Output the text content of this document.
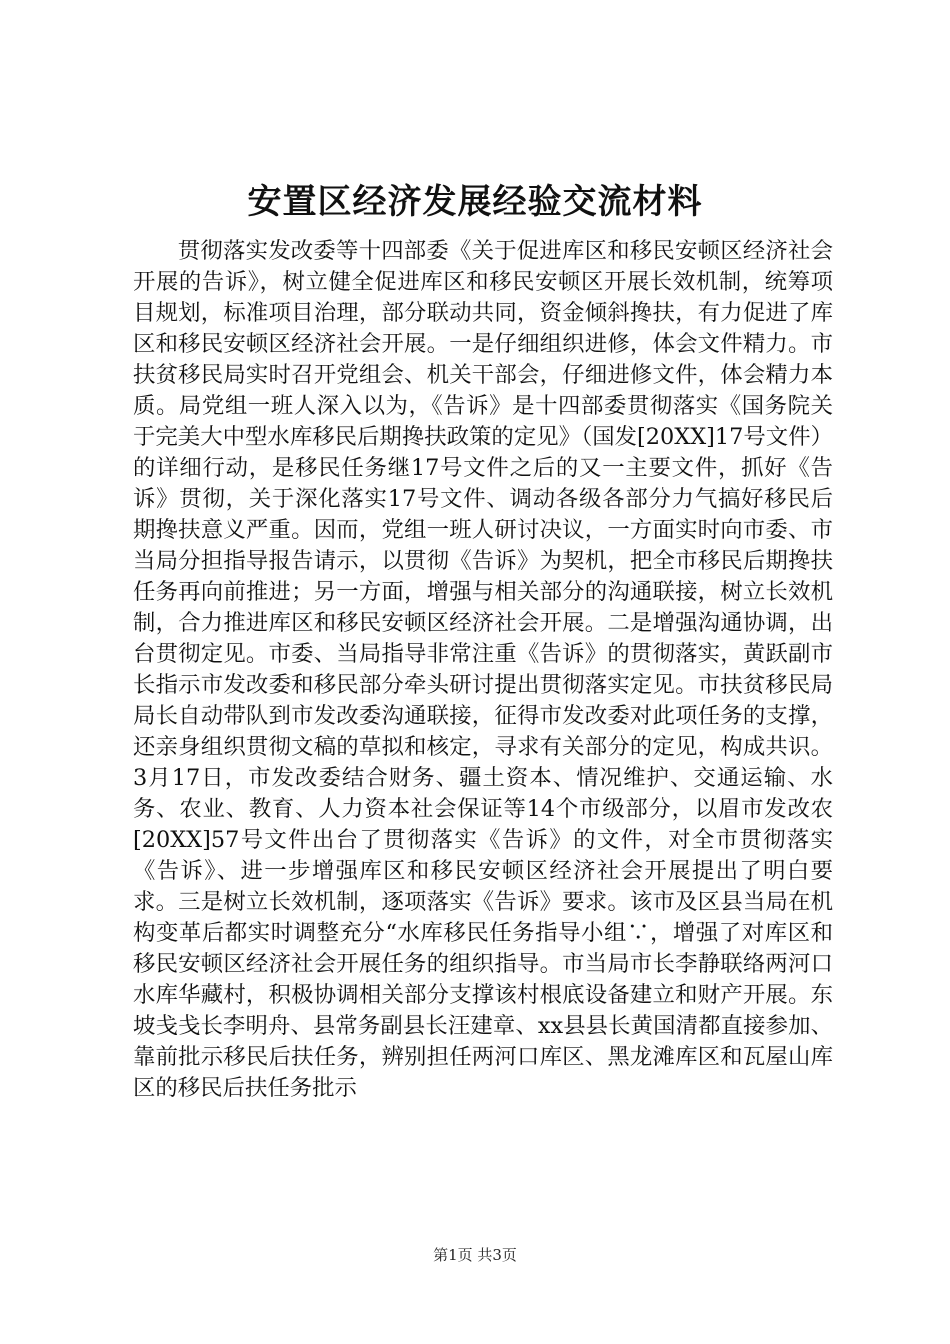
安置区经济发展经验交流材料

贯彻落实发改委等十四部委《关于促进库区和移民安顿区经济社会开展的告诉》，树立健全促进库区和移民安顿区开展长效机制，统筹项目规划，标准项目治理，部分联动共同，资金倾斜搀扶，有力促进了库区和移民安顿区经济社会开展。一是仔细组织进修，体会文件精力。市扶贫移民局实时召开党组会、机关干部会，仔细进修文件，体会精力本质。局党组一班人深入以为，《告诉》是十四部委贯彻落实《国务院关于完美大中型水库移民后期搀扶政策的定见》（国发[20XX]17号文件）的详细行动，是移民任务继17号文件之后的又一主要文件，抓好《告诉》贯彻，关于深化落实17号文件、调动各级各部分力气搞好移民后期搀扶意义严重。因而，党组一班人研讨决议，一方面实时向市委、市当局分担指导报告请示，以贯彻《告诉》为契机，把全市移民后期搀扶任务再向前推进；另一方面，增强与相关部分的沟通联接，树立长效机制，合力推进库区和移民安顿区经济社会开展。二是增强沟通协调，出台贯彻定见。市委、当局指导非常注重《告诉》的贯彻落实，黄跃副市长指示市发改委和移民部分牵头研讨提出贯彻落实定见。市扶贫移民局局长自动带队到市发改委沟通联接，征得市发改委对此项任务的支撑，还亲身组织贯彻文稿的草拟和核定，寻求有关部分的定见，构成共识。3月17日，市发改委结合财务、疆土资本、情况维护、交通运输、水务、农业、教育、人力资本社会保证等14个市级部分，以眉市发改农[20XX]57号文件出台了贯彻落实《告诉》的文件，对全市贯彻落实《告诉》、进一步增强库区和移民安顿区经济社会开展提出了明白要求。三是树立长效机制，逐项落实《告诉》要求。该市及区县当局在机构变革后都实时调整充分“水库移民任务指导小组∵，增强了对库区和移民安顿区经济社会开展任务的组织指导。市当局市长李静联络两河口水库华藏村，积极协调相关部分支撑该村根底设备建立和财产开展。东坡戋戋长李明舟、县常务副县长汪建章、xx县县长黄国清都直接参加、靠前批示移民后扶任务，辨别担任两河口库区、黑龙滩库区和瓦屋山库区的移民后扶任务批示

第1页 共3页
